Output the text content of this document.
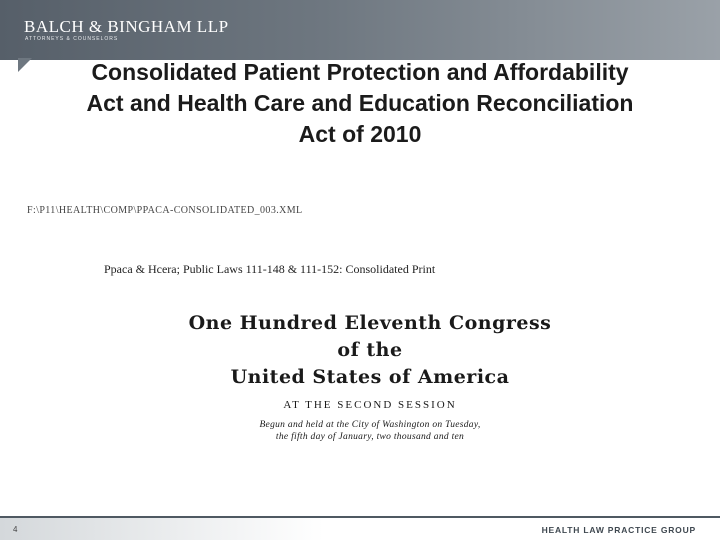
BALCH & BINGHAM LLP
ATTORNEYS & COUNSELORS
Consolidated Patient Protection and Affordability
Act and Health Care and Education Reconciliation
Act of 2010
F:\P11\HEALTH\COMP\PPACA-CONSOLIDATED_003.XML
Ppaca & Hcera; Public Laws 111-148 & 111-152: Consolidated Print
One Hundred Eleventh Congress
of the
United States of America
AT THE SECOND SESSION
Begun and held at the City of Washington on Tuesday,
the fifth day of January, two thousand and ten
4	HEALTH LAW PRACTICE GROUP
